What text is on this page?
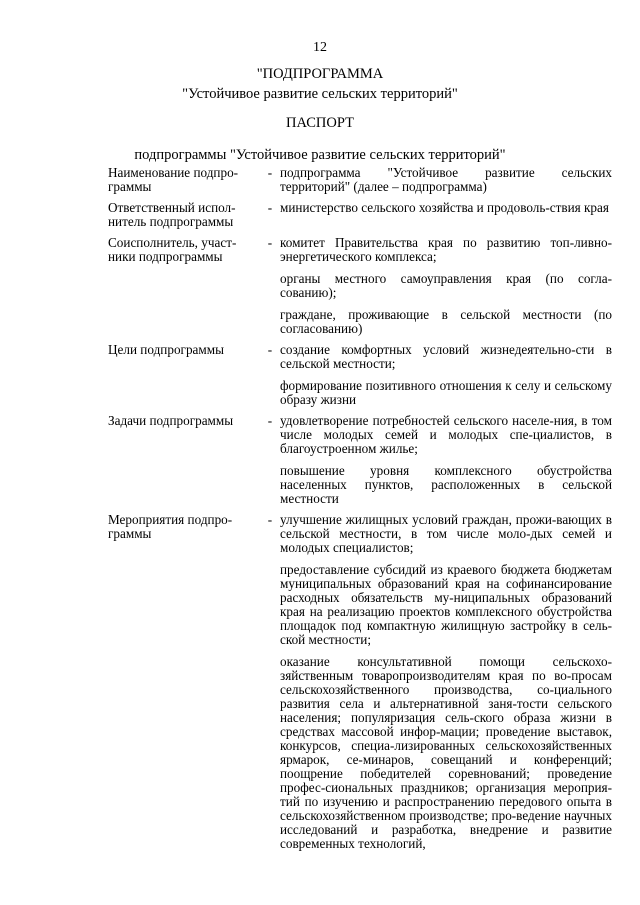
12
"ПОДПРОГРАММА
"Устойчивое развитие сельских территорий"
ПАСПОРТ
подпрограммы "Устойчивое развитие сельских территорий"
Наименование подпро-граммы
- подпрограмма "Устойчивое развитие сельских территорий" (далее – подпрограмма)

Ответственный испол-нитель подпрограммы
- министерство сельского хозяйства и продоволь-ствия края

Соисполнитель, участ-ники подпрограммы
- комитет Правительства края по развитию топ-ливно-энергетического комплекса;

органы местного самоуправления края (по согла-сованию);

граждане, проживающие в сельской местности (по согласованию)

Цели подпрограммы	- создание комфортных условий жизнедеятельно-сти в сельской местности;

формирование позитивного отношения к селу и сельскому образу жизни

Задачи подпрограммы	- удовлетворение потребностей сельского населе-ния, в том числе молодых семей и молодых спе-циалистов, в благоустроенном жилье;

повышение уровня комплексного обустройства населенных пунктов, расположенных в сельской местности

Мероприятия подпро-граммы
- улучшение жилищных условий граждан, прожи-вающих в сельской местности, в том числе моло-дых семей и молодых специалистов;

предоставление субсидий из краевого бюджета бюджетам муниципальных образований края на софинансирование расходных обязательств му-ниципальных образований края на реализацию проектов комплексного обустройства площадок под компактную жилищную застройку в сель-ской местности;

оказание консультативной помощи сельскохо-зяйственным товаропроизводителям края по во-просам сельскохозяйственного производства, со-циального развития села и альтернативной заня-тости сельского населения; популяризация сель-ского образа жизни в средствах массовой инфор-мации; проведение выставок, конкурсов, специа-лизированных сельскохозяйственных ярмарок, се-минаров, совещаний и конференций; поощрение победителей соревнований; проведение профес-сиональных праздников; организация мероприя-тий по изучению и распространению передового опыта в сельскохозяйственном производстве; про-ведение научных исследований и разработка, внедрение и развитие современных технологий,
